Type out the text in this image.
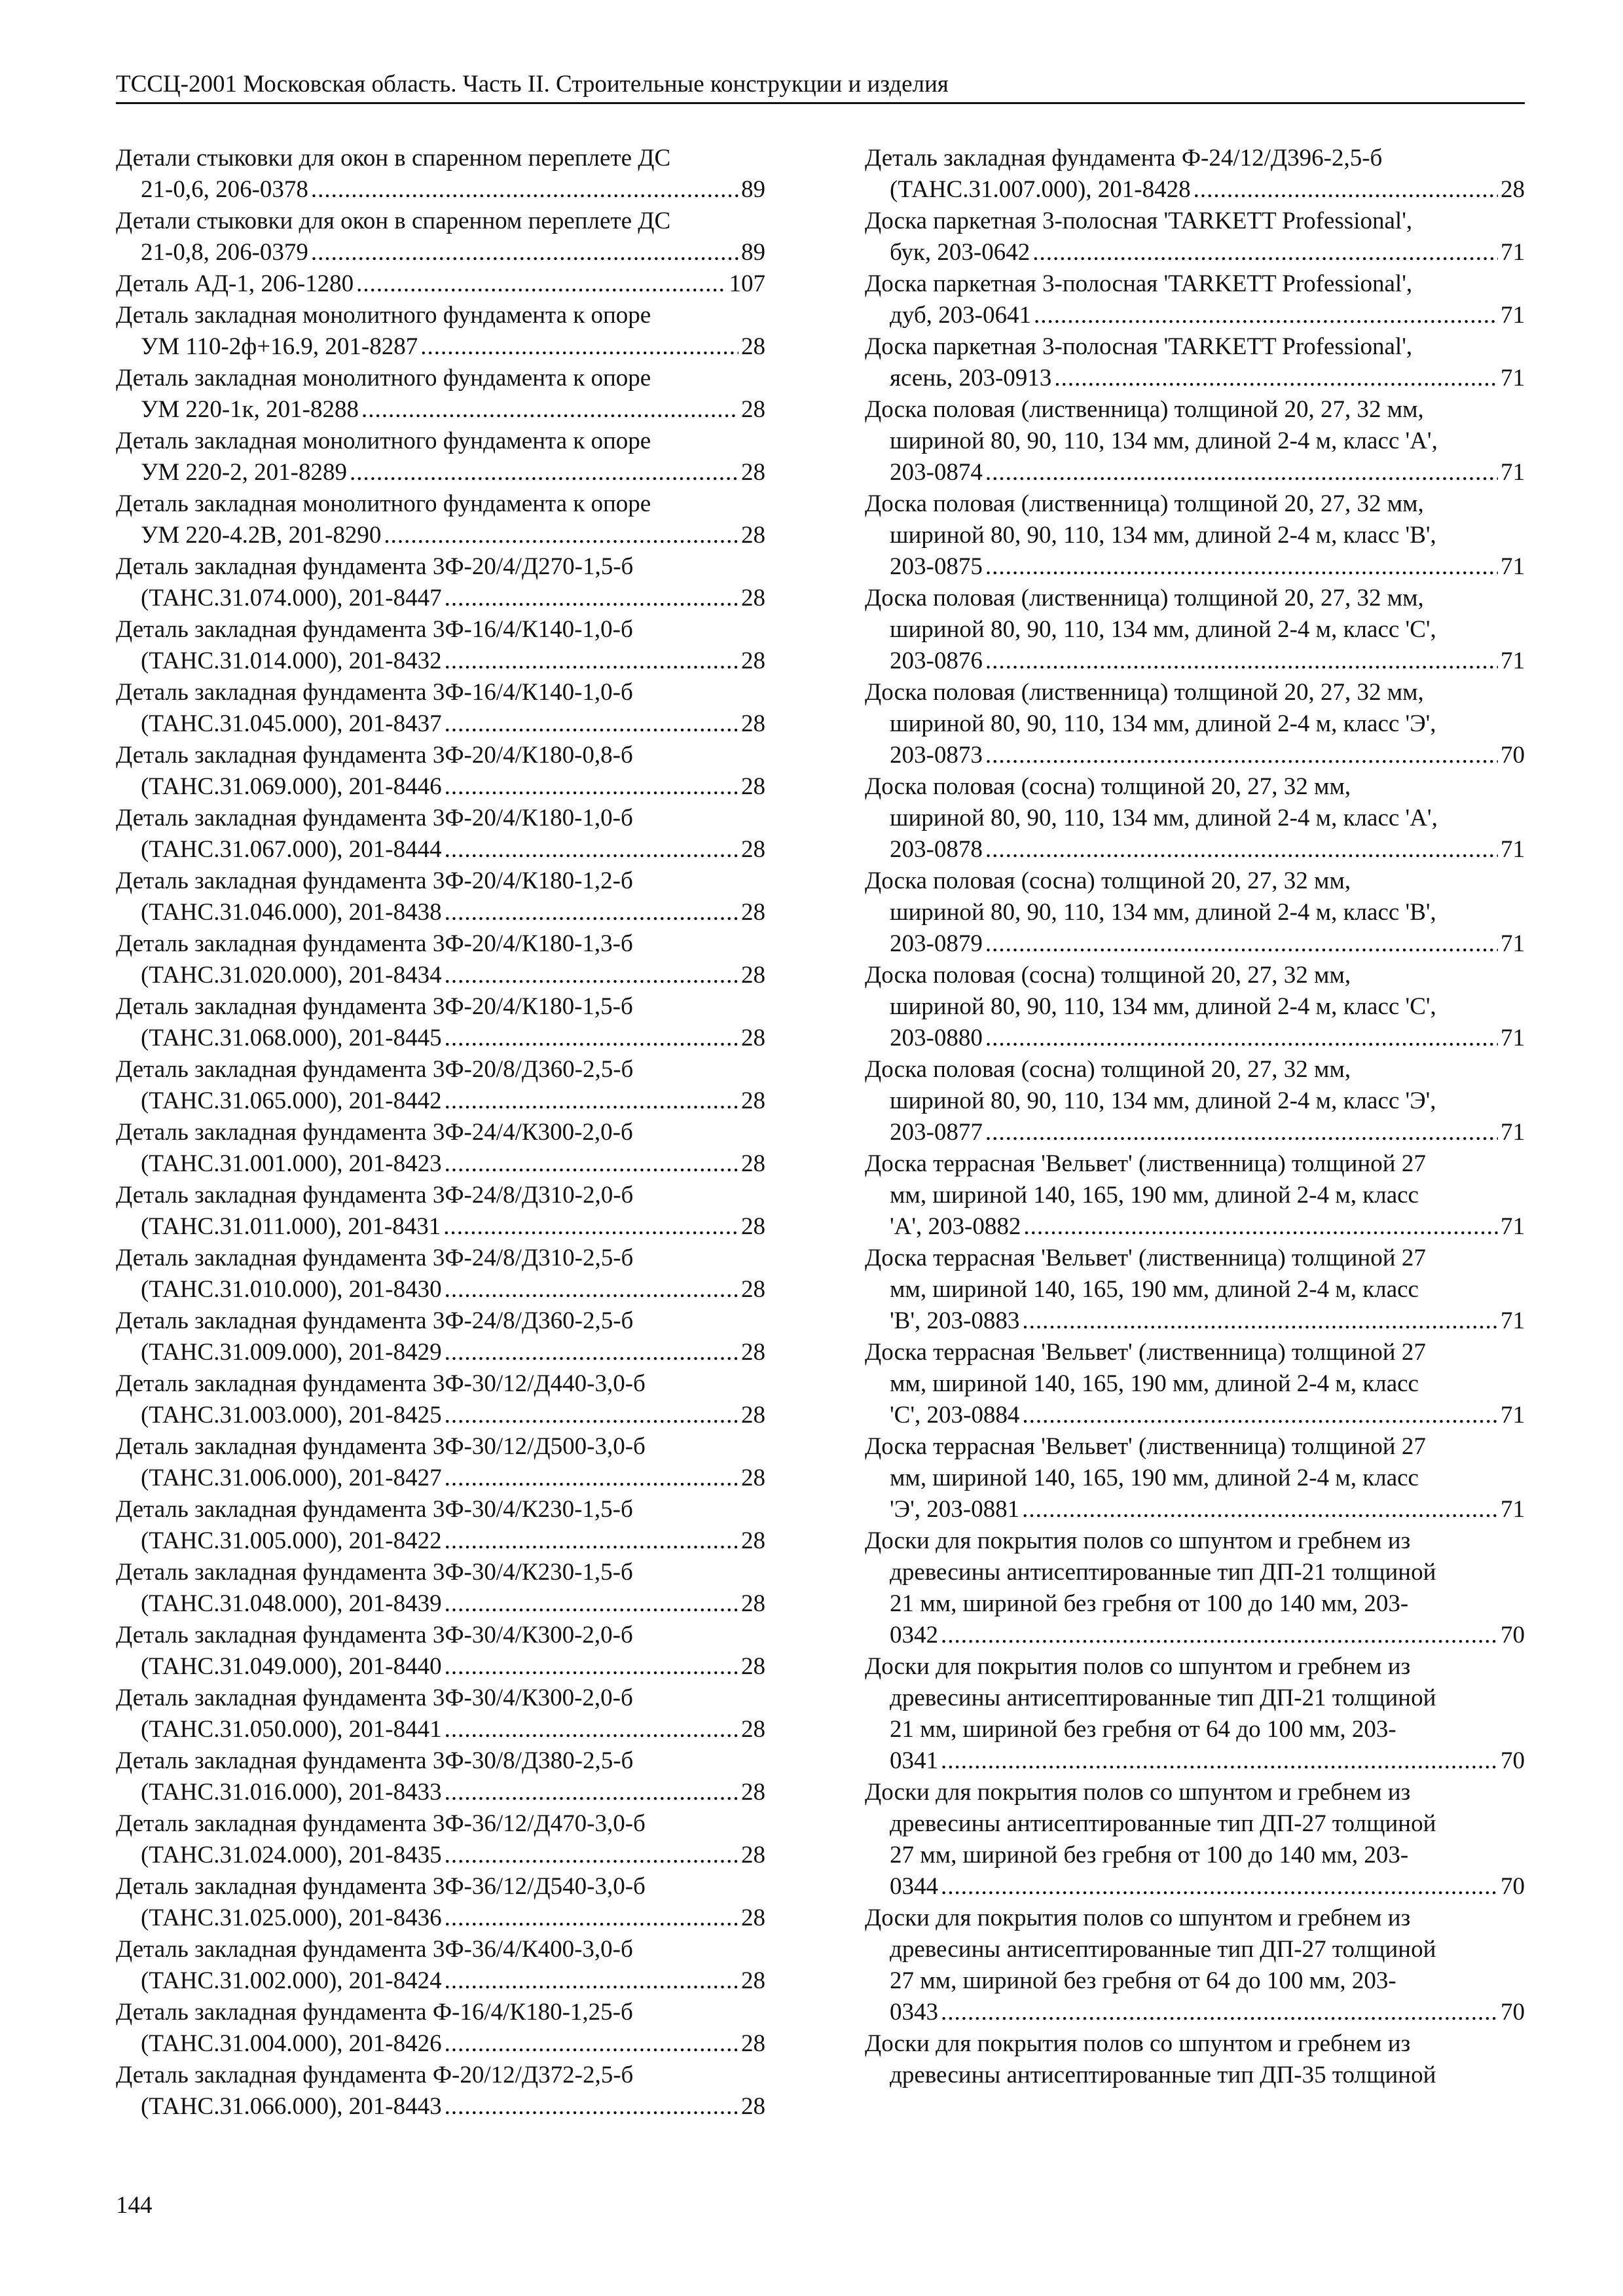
ТССЦ-2001 Московская область. Часть II. Строительные конструкции и изделия
Детали стыковки для окон в спаренном переплете ДС
21-0,6, 206-0378 .....	89
Детали стыковки для окон в спаренном переплете ДС
21-0,8, 206-0379 .....	89
Деталь АД-1, 206-1280 .....	107
Деталь закладная монолитного фундамента к опоре
УМ 110-2ф+16.9, 201-8287 .....	28
Деталь закладная монолитного фундамента к опоре
УМ 220-1к, 201-8288 .....	28
Деталь закладная монолитного фундамента к опоре
УМ 220-2, 201-8289 .....	28
Деталь закладная монолитного фундамента к опоре
УМ 220-4.2В, 201-8290 .....	28
Деталь закладная фундамента 3Ф-20/4/Д270-1,5-б
(ТАНС.31.074.000), 201-8447 .....	28
Деталь закладная фундамента 3Ф-16/4/К140-1,0-б
(ТАНС.31.014.000), 201-8432 .....	28
Деталь закладная фундамента 3Ф-16/4/К140-1,0-б
(ТАНС.31.045.000), 201-8437 .....	28
Деталь закладная фундамента 3Ф-20/4/К180-0,8-б
(ТАНС.31.069.000), 201-8446 .....	28
Деталь закладная фундамента 3Ф-20/4/К180-1,0-б
(ТАНС.31.067.000), 201-8444 .....	28
Деталь закладная фундамента 3Ф-20/4/К180-1,2-б
(ТАНС.31.046.000), 201-8438 .....	28
Деталь закладная фундамента 3Ф-20/4/К180-1,3-б
(ТАНС.31.020.000), 201-8434 .....	28
Деталь закладная фундамента 3Ф-20/4/К180-1,5-б
(ТАНС.31.068.000), 201-8445 .....	28
Деталь закладная фундамента 3Ф-20/8/Д360-2,5-б
(ТАНС.31.065.000), 201-8442 .....	28
Деталь закладная фундамента 3Ф-24/4/К300-2,0-б
(ТАНС.31.001.000), 201-8423 .....	28
Деталь закладная фундамента 3Ф-24/8/Д310-2,0-б
(ТАНС.31.011.000), 201-8431 .....	28
Деталь закладная фундамента 3Ф-24/8/Д310-2,5-б
(ТАНС.31.010.000), 201-8430 .....	28
Деталь закладная фундамента 3Ф-24/8/Д360-2,5-б
(ТАНС.31.009.000), 201-8429 .....	28
Деталь закладная фундамента 3Ф-30/12/Д440-3,0-б
(ТАНС.31.003.000), 201-8425 .....	28
Деталь закладная фундамента 3Ф-30/12/Д500-3,0-б
(ТАНС.31.006.000), 201-8427 .....	28
Деталь закладная фундамента 3Ф-30/4/К230-1,5-б
(ТАНС.31.005.000), 201-8422 .....	28
Деталь закладная фундамента 3Ф-30/4/К230-1,5-б
(ТАНС.31.048.000), 201-8439 .....	28
Деталь закладная фундамента 3Ф-30/4/К300-2,0-б
(ТАНС.31.049.000), 201-8440 .....	28
Деталь закладная фундамента 3Ф-30/4/К300-2,0-б
(ТАНС.31.050.000), 201-8441 .....	28
Деталь закладная фундамента 3Ф-30/8/Д380-2,5-б
(ТАНС.31.016.000), 201-8433 .....	28
Деталь закладная фундамента 3Ф-36/12/Д470-3,0-б
(ТАНС.31.024.000), 201-8435 .....	28
Деталь закладная фундамента 3Ф-36/12/Д540-3,0-б
(ТАНС.31.025.000), 201-8436 .....	28
Деталь закладная фундамента 3Ф-36/4/К400-3,0-б
(ТАНС.31.002.000), 201-8424 .....	28
Деталь закладная фундамента Ф-16/4/К180-1,25-б
(ТАНС.31.004.000), 201-8426 .....	28
Деталь закладная фундамента Ф-20/12/Д372-2,5-б
(ТАНС.31.066.000), 201-8443 .....	28
Деталь закладная фундамента Ф-24/12/Д396-2,5-б
(ТАНС.31.007.000), 201-8428 .....	28
Доска паркетная 3-полосная 'TARKETT Professional',
бук, 203-0642 .....	71
Доска паркетная 3-полосная 'TARKETT Professional',
дуб, 203-0641 .....	71
Доска паркетная 3-полосная 'TARKETT Professional',
ясень, 203-0913 .....	71
Доска половая (лиственница) толщиной 20, 27, 32 мм,
шириной 80, 90, 110, 134 мм, длиной 2-4 м, класс 'А',
203-0874 .....	71
Доска половая (лиственница) толщиной 20, 27, 32 мм,
шириной 80, 90, 110, 134 мм, длиной 2-4 м, класс 'В',
203-0875 .....	71
Доска половая (лиственница) толщиной 20, 27, 32 мм,
шириной 80, 90, 110, 134 мм, длиной 2-4 м, класс 'С',
203-0876 .....	71
Доска половая (лиственница) толщиной 20, 27, 32 мм,
шириной 80, 90, 110, 134 мм, длиной 2-4 м, класс 'Э',
203-0873 .....	70
Доска половая (сосна) толщиной 20, 27, 32 мм,
шириной 80, 90, 110, 134 мм, длиной 2-4 м, класс 'А',
203-0878 .....	71
Доска половая (сосна) толщиной 20, 27, 32 мм,
шириной 80, 90, 110, 134 мм, длиной 2-4 м, класс 'В',
203-0879 .....	71
Доска половая (сосна) толщиной 20, 27, 32 мм,
шириной 80, 90, 110, 134 мм, длиной 2-4 м, класс 'С',
203-0880 .....	71
Доска половая (сосна) толщиной 20, 27, 32 мм,
шириной 80, 90, 110, 134 мм, длиной 2-4 м, класс 'Э',
203-0877 .....	71
Доска террасная 'Вельвет' (лиственница) толщиной 27
мм, шириной 140, 165, 190 мм, длиной 2-4 м, класс
'А', 203-0882 .....	71
Доска террасная 'Вельвет' (лиственница) толщиной 27
мм, шириной 140, 165, 190 мм, длиной 2-4 м, класс
'В', 203-0883 .....	71
Доска террасная 'Вельвет' (лиственница) толщиной 27
мм, шириной 140, 165, 190 мм, длиной 2-4 м, класс
'С', 203-0884 .....	71
Доска террасная 'Вельвет' (лиственница) толщиной 27
мм, шириной 140, 165, 190 мм, длиной 2-4 м, класс
'Э', 203-0881 .....	71
Доски для покрытия полов со шпунтом и гребнем из
древесины антисептированные тип ДП-21 толщиной
21 мм, шириной без гребня от 100 до 140 мм, 203-
0342 .....	70
Доски для покрытия полов со шпунтом и гребнем из
древесины антисептированные тип ДП-21 толщиной
21 мм, шириной без гребня от 64 до 100 мм, 203-
0341 .....	70
Доски для покрытия полов со шпунтом и гребнем из
древесины антисептированные тип ДП-27 толщиной
27 мм, шириной без гребня от 100 до 140 мм, 203-
0344 .....	70
Доски для покрытия полов со шпунтом и гребнем из
древесины антисептированные тип ДП-27 толщиной
27 мм, шириной без гребня от 64 до 100 мм, 203-
0343 .....	70
Доски для покрытия полов со шпунтом и гребнем из
древесины антисептированные тип ДП-35 толщиной
144
